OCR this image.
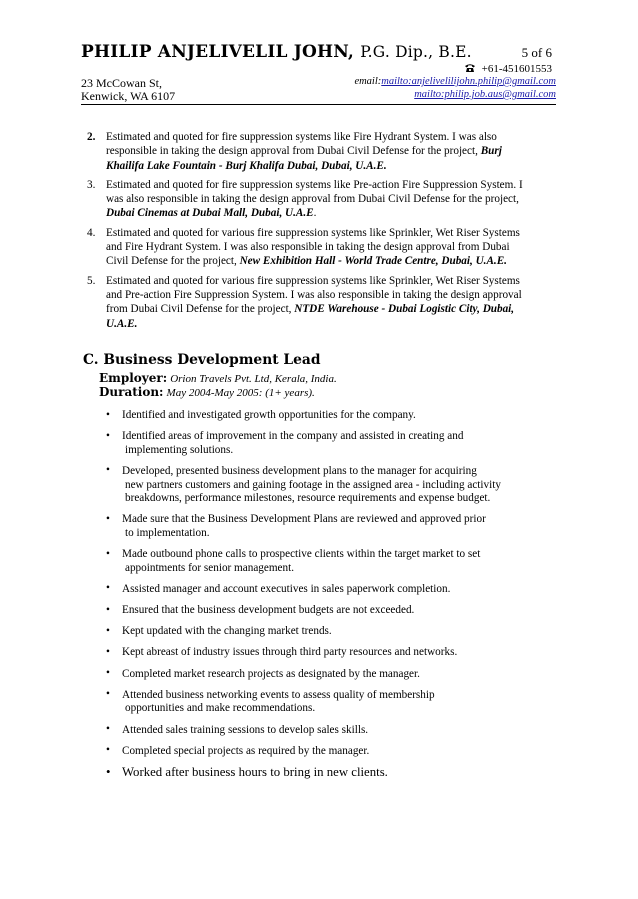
PHILIP ANJELIVELIL JOHN, P.G. Dip., B.E.	5 of 6
+61-451601553
23 McCowan St,
Kenwick, WA 6107
email:mailto:anjelivelilijohn.philip@gmail.com
mailto:philip.job.aus@gmail.com
2. Estimated and quoted for fire suppression systems like Fire Hydrant System. I was also responsible in taking the design approval from Dubai Civil Defense for the project, Burj Khailifa Lake Fountain - Burj Khalifa Dubai, Dubai, U.A.E.
3. Estimated and quoted for fire suppression systems like Pre-action Fire Suppression System. I was also responsible in taking the design approval from Dubai Civil Defense for the project, Dubai Cinemas at Dubai Mall, Dubai, U.A.E.
4. Estimated and quoted for various fire suppression systems like Sprinkler, Wet Riser Systems and Fire Hydrant System. I was also responsible in taking the design approval from Dubai Civil Defense for the project, New Exhibition Hall - World Trade Centre, Dubai, U.A.E.
5. Estimated and quoted for various fire suppression systems like Sprinkler, Wet Riser Systems and Pre-action Fire Suppression System. I was also responsible in taking the design approval from Dubai Civil Defense for the project, NTDE Warehouse - Dubai Logistic City, Dubai, U.A.E.
C. Business Development Lead
Employer: Orion Travels Pvt. Ltd, Kerala, India.
Duration: May 2004-May 2005: (1+ years).
• Identified and investigated growth opportunities for the company.
• Identified areas of improvement in the company and assisted in creating and
implementing solutions.
• Developed, presented business development plans to the manager for acquiring
new partners customers and gaining footage in the assigned area - including activity breakdowns, performance milestones, resource requirements and expense budget.
• Made sure that the Business Development Plans are reviewed and approved prior
to implementation.
• Made outbound phone calls to prospective clients within the target market to set
appointments for senior management.
• Assisted manager and account executives in sales paperwork completion.
• Ensured that the business development budgets are not exceeded.
• Kept updated with the changing market trends.
• Kept abreast of industry issues through third party resources and networks.
• Completed market research projects as designated by the manager.
• Attended business networking events to assess quality of membership
opportunities and make recommendations.
• Attended sales training sessions to develop sales skills.
• Completed special projects as required by the manager.
• Worked after business hours to bring in new clients.
